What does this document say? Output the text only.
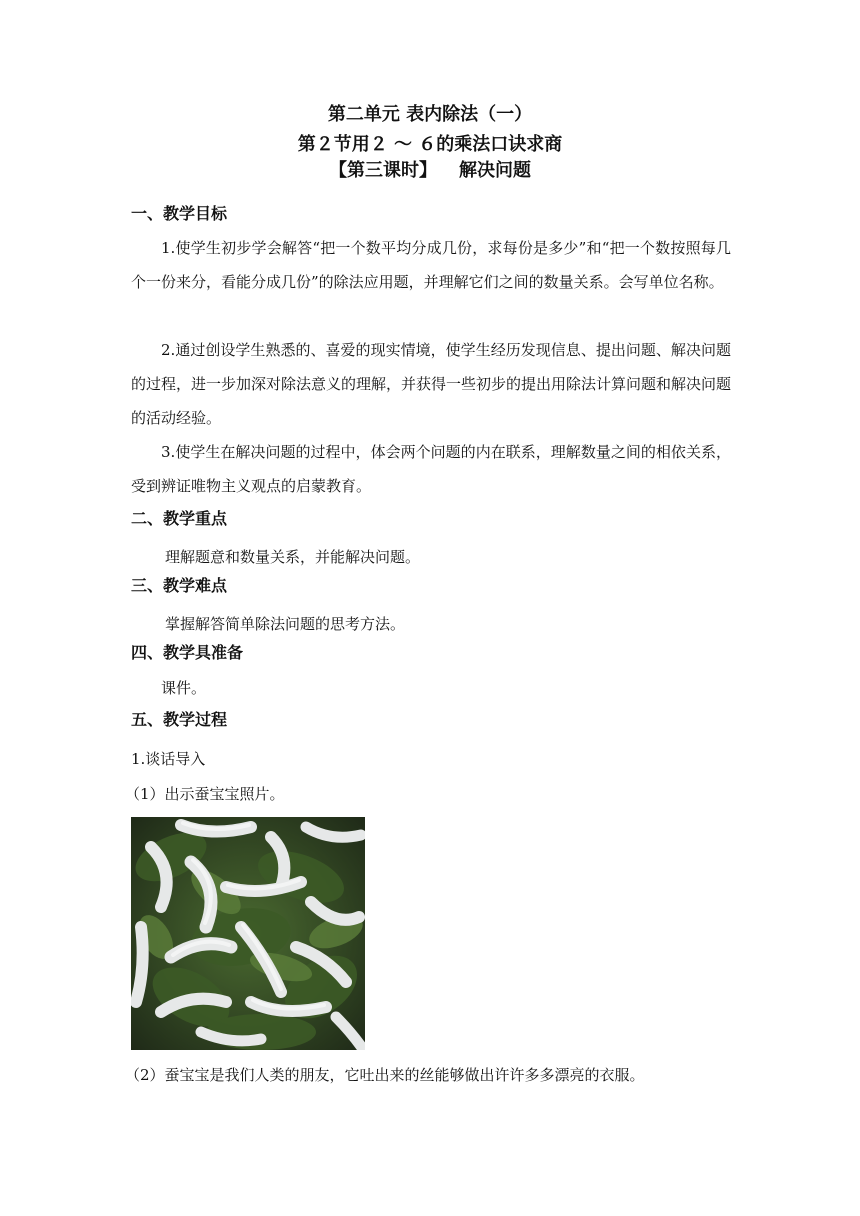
第二单元 表内除法（一）
第２节用２ ～ ６的乘法口诀求商
【第三课时】 解决问题
一、教学目标
1.使学生初步学会解答“把一个数平均分成几份，求每份是多少”和“把一个数按照每几个一份来分，看能分成几份”的除法应用题，并理解它们之间的数量关系。会写单位名称。
2.通过创设学生熟悉的、喜爱的现实情境，使学生经历发现信息、提出问题、解决问题的过程，进一步加深对除法意义的理解，并获得一些初步的提出用除法计算问题和解决问题的活动经验。
3.使学生在解决问题的过程中，体会两个问题的内在联系，理解数量之间的相依关系，受到辨证唯物主义观点的启蒙教育。
二、教学重点
理解题意和数量关系，并能解决问题。
三、教学难点
掌握解答简单除法问题的思考方法。
四、教学具准备
课件。
五、教学过程
1.谈话导入
（1）出示蚕宝宝照片。
（2）蚕宝宝是我们人类的朋友，它吐出来的丝能够做出许许多多漂亮的衣服。
